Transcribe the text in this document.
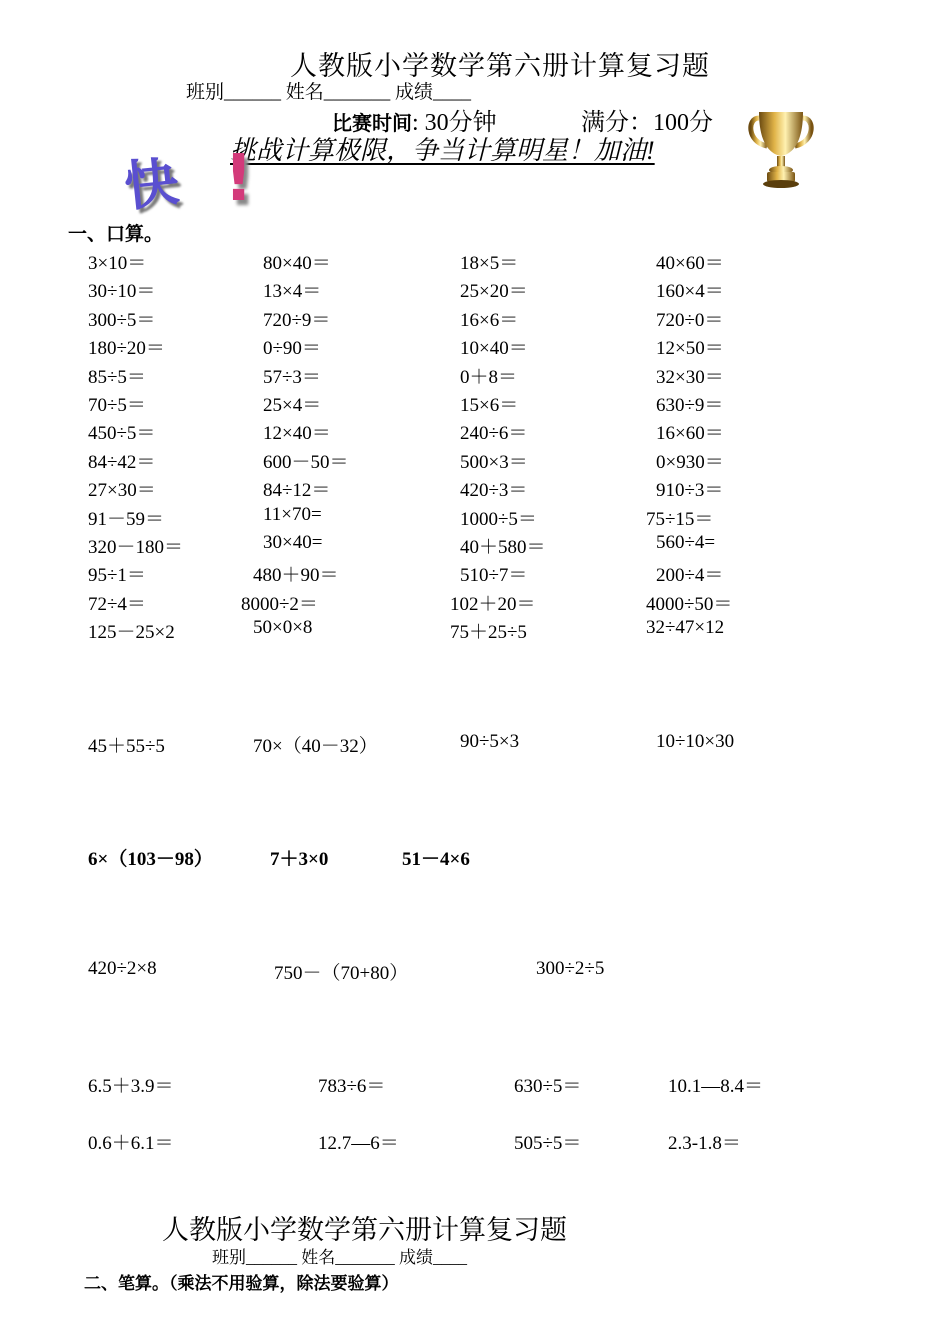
人教版小学数学第六册计算复习题
班别______ 姓名_______ 成绩____
比赛时间: 30分钟	满分：100分
挑战计算极限，争当计算明星！加油!
快 !
一、口算。
3×10＝	80×40＝	18×5＝	40×60＝
30÷10＝	13×4＝	25×20＝	160×4＝
300÷5＝	720÷9＝	16×6＝	720÷0＝
180÷20＝	0÷90＝	10×40＝	12×50＝
85÷5＝	57÷3＝	0＋8＝	32×30＝
70÷5＝	25×4＝	15×6＝	630÷9＝
450÷5＝	12×40＝	240÷6＝	16×60＝
84÷42＝	600－50＝	500×3＝	0×930＝
27×30＝	84÷12＝	420÷3＝	910÷3＝
91－59＝	11×70=	1000÷5＝	75÷15＝
320－180＝	30×40=	40＋580＝	560÷4=
95÷1＝	480＋90＝	510÷7＝	200÷4＝
72÷4＝	8000÷2＝	102＋20＝	4000÷50＝
125－25×2	50×0×8	75＋25÷5	32÷47×12
45＋55÷5	70×（40－32）	90÷5×3	10÷10×30
6×（103－98）	7＋3×0	51－4×6
420÷2×8	750－（70+80）	300÷2÷5
6.5＋3.9＝	783÷6＝	630÷5＝	10.1—8.4＝
0.6＋6.1＝	12.7—6＝	505÷5＝	2.3-1.8＝
人教版小学数学第六册计算复习题
班别______ 姓名_______ 成绩____
二、笔算。（乘法不用验算，除法要验算）
